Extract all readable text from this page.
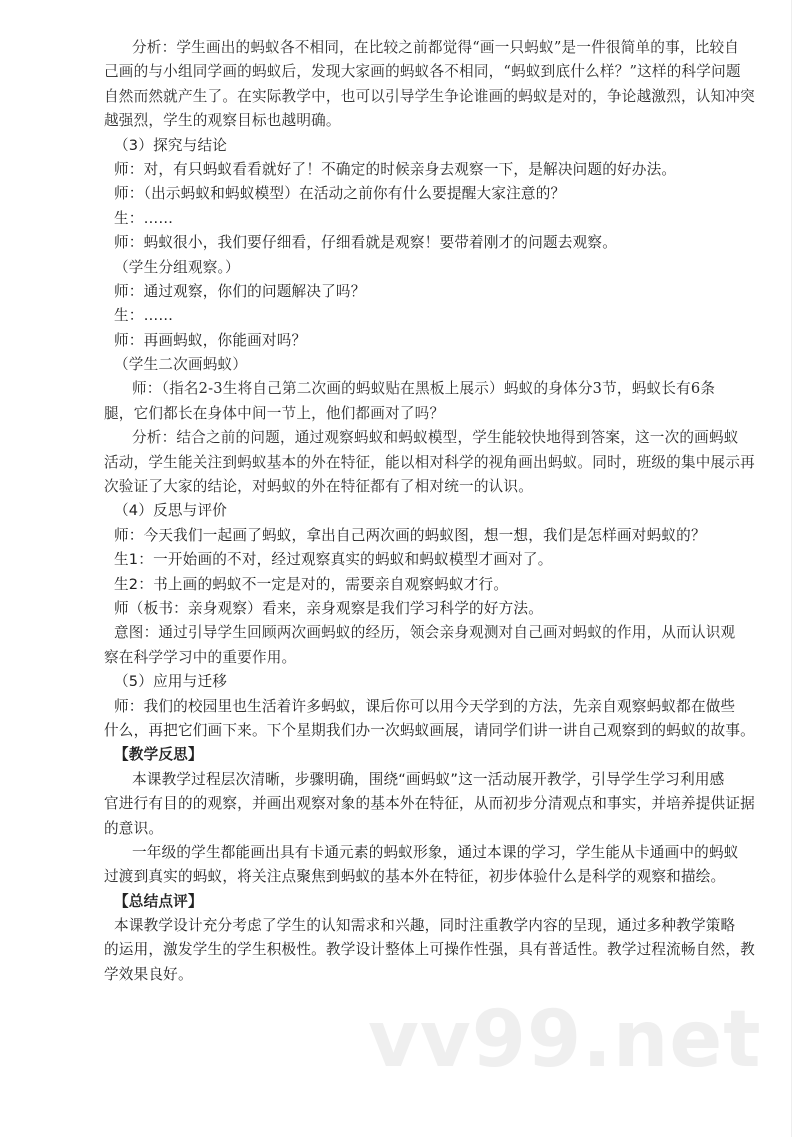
分析：学生画出的蚂蚁各不相同，在比较之前都觉得“画一只蚂蚁”是一件很简单的事，比较自
己画的与小组同学画的蚂蚁后，发现大家画的蚂蚁各不相同，“蚂蚁到底什么样？”这样的科学问题
自然而然就产生了。在实际教学中，也可以引导学生争论谁画的蚂蚁是对的，争论越激烈，认知冲突
越强烈，学生的观察目标也越明确。
（3）探究与结论
师：对，有只蚂蚁看看就好了！不确定的时候亲身去观察一下，是解决问题的好办法。
师：（出示蚂蚁和蚂蚁模型）在活动之前你有什么要提醒大家注意的？
生：……
师：蚂蚁很小，我们要仔细看，仔细看就是观察！要带着刚才的问题去观察。
（学生分组观察。）
师：通过观察，你们的问题解决了吗？
生：……
师：再画蚂蚁，你能画对吗？
（学生二次画蚂蚁）
师：（指名2-3生将自己第二次画的蚂蚁贴在黑板上展示）蚂蚁的身体分3节，蚂蚁长有6条
腿，它们都长在身体中间一节上，他们都画对了吗？
分析：结合之前的问题，通过观察蚂蚁和蚂蚁模型，学生能较快地得到答案，这一次的画蚂蚁
活动，学生能关注到蚂蚁基本的外在特征，能以相对科学的视角画出蚂蚁。同时，班级的集中展示再
次验证了大家的结论，对蚂蚁的外在特征都有了相对统一的认识。
（4）反思与评价
师：今天我们一起画了蚂蚁，拿出自己两次画的蚂蚁图，想一想，我们是怎样画对蚂蚁的？
生1：一开始画的不对，经过观察真实的蚂蚁和蚂蚁模型才画对了。
生2：书上画的蚂蚁不一定是对的，需要亲自观察蚂蚁才行。
师（板书：亲身观察）看来，亲身观察是我们学习科学的好方法。
意图：通过引导学生回顾两次画蚂蚁的经历，领会亲身观测对自己画对蚂蚁的作用，从而认识观
察在科学学习中的重要作用。
（5）应用与迁移
师：我们的校园里也生活着许多蚂蚁，课后你可以用今天学到的方法，先亲自观察蚂蚁都在做些
什么，再把它们画下来。下个星期我们办一次蚂蚁画展，请同学们讲一讲自己观察到的蚂蚁的故事。
【教学反思】
本课教学过程层次清晰，步骤明确，围绕“画蚂蚁”这一活动展开教学，引导学生学习利用感
官进行有目的的观察，并画出观察对象的基本外在特征，从而初步分清观点和事实，并培养提供证据
的意识。
一年级的学生都能画出具有卡通元素的蚂蚁形象，通过本课的学习，学生能从卡通画中的蚂蚁
过渡到真实的蚂蚁，将关注点聚焦到蚂蚁的基本外在特征，初步体验什么是科学的观察和描绘。
【总结点评】
本课教学设计充分考虑了学生的认知需求和兴趣，同时注重教学内容的呈现，通过多种教学策略
的运用，激发学生的学生积极性。教学设计整体上可操作性强，具有普适性。教学过程流畅自然，教
学效果良好。
vv99.net
